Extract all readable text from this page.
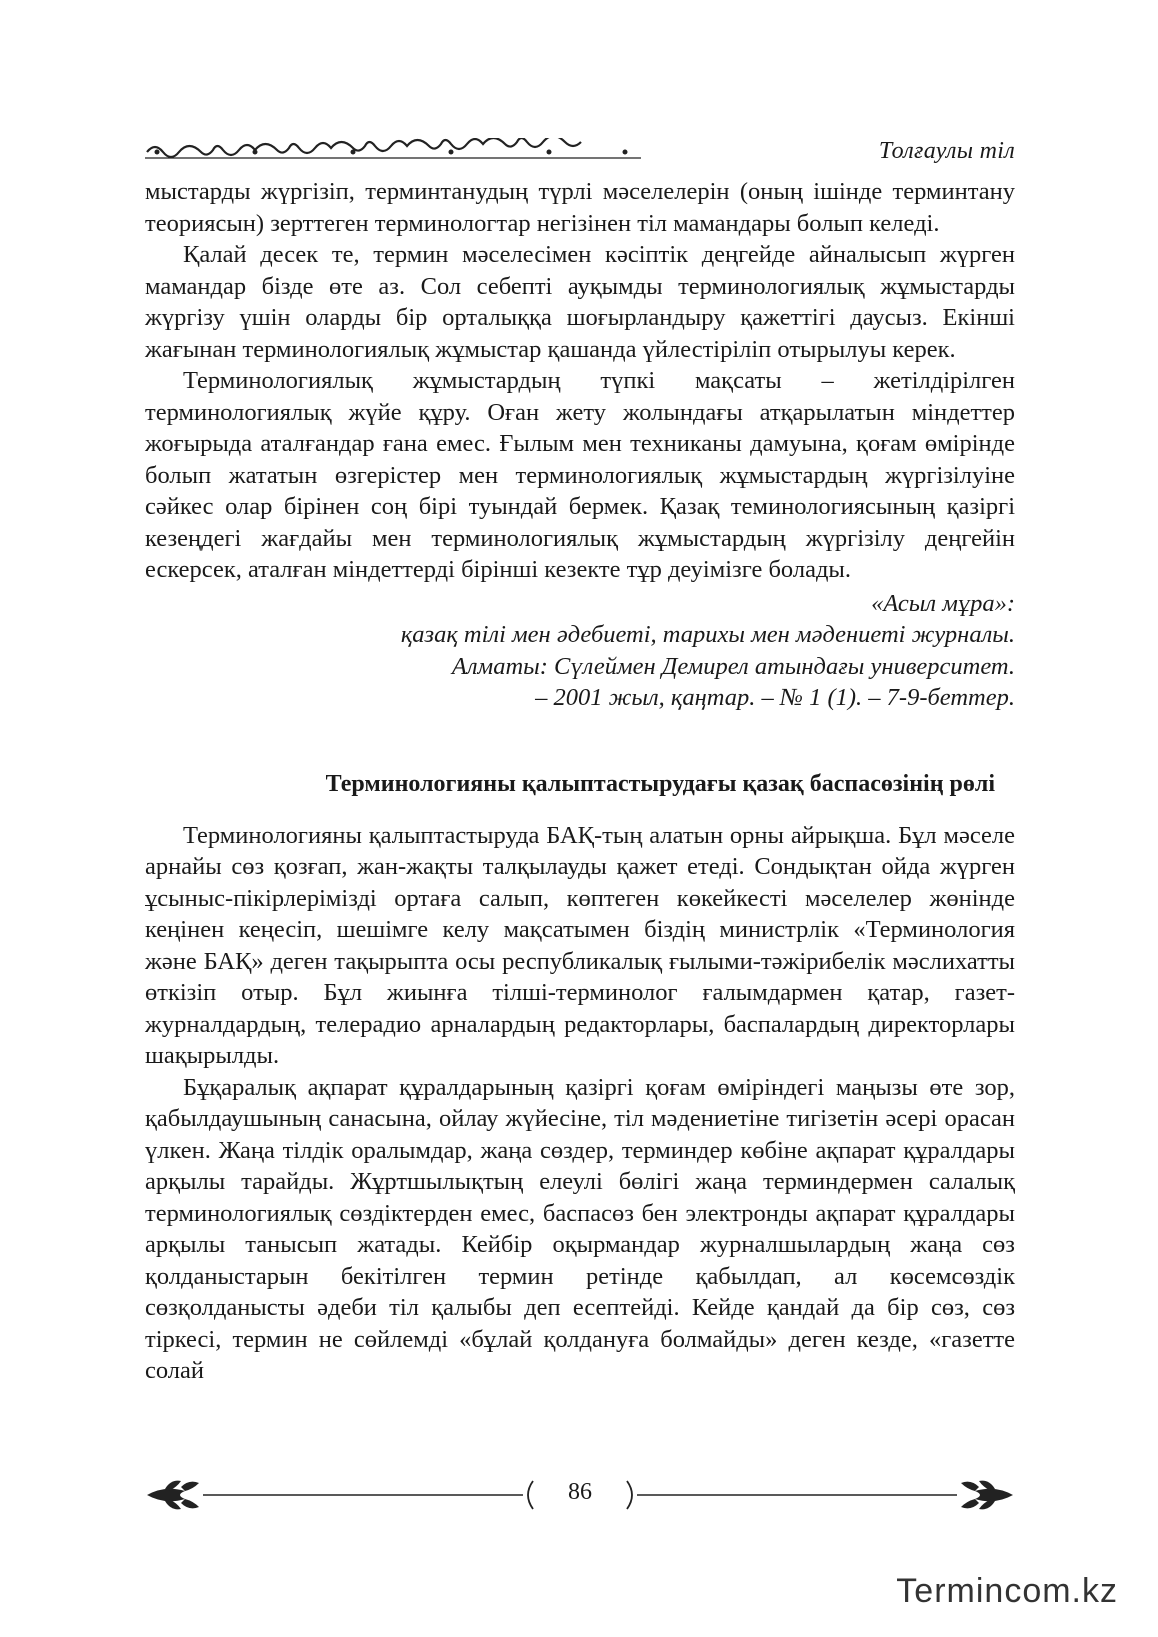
Толғаулы тіл

мыстарды жүргізіп, терминтанудың түрлі мәселелерін (оның ішінде терминтану теориясын) зерттеген терминологтар негізінен тіл мамандары болып келеді.

Қалай десек те, термин мәселесімен кәсіптік деңгейде айналысып жүрген мамандар бізде өте аз. Сол себепті ауқымды терминологиялық жұмыстарды жүргізу үшін оларды бір орталыққа шоғырландыру қажеттігі даусыз. Екінші жағынан терминологиялық жұмыстар қашанда үйлестіріліп отырылуы керек.

Терминологиялық жұмыстардың түпкі мақсаты – жетілдірілген терминологиялық жүйе құру. Оған жету жолындағы атқарылатын міндеттер жоғырыда аталғандар ғана емес. Ғылым мен техниканы дамуына, қоғам өмірінде болып жататын өзгерістер мен терминологиялық жұмыстардың жүргізілуіне сәйкес олар бірінен соң бірі туындай бермек. Қазақ теминологиясының қазіргі кезеңдегі жағдайы мен терминологиялық жұмыстардың жүргізілу деңгейін ескерсек, аталған міндеттерді бірінші кезекте тұр деуімізге болады.

«Асыл мұра»:
қазақ тілі мен әдебиеті, тарихы мен мәдениеті журналы.
Алматы: Сүлеймен Демирел атындағы университет.
– 2001 жыл, қаңтар. – № 1 (1). – 7-9-беттер.
Терминологияны қалыптастырудағы қазақ баспасөзінің рөлі

Терминологияны қалыптастыруда БАҚ-тың алатын орны айрықша. Бұл мәселе арнайы сөз қозғап, жан-жақты талқылауды қажет етеді. Сондықтан ойда жүрген ұсыныс-пікірлерімізді ортаға салып, көптеген көкейкесті мәселелер жөнінде кеңінен кеңесіп, шешімге келу мақсатымен біздің министрлік «Терминология және БАҚ» деген тақырыпта осы республикалық ғылыми-тәжірибелік мәслихатты өткізіп отыр. Бұл жиынға тілші-терминолог ғалымдармен қатар, газет-журналдардың, телерадио арналардың редакторлары, баспалардың директорлары шақырылды.

Бұқаралық ақпарат құралдарының қазіргі қоғам өміріндегі маңызы өте зор, қабылдаушының санасына, ойлау жүйесіне, тіл мәдениетіне тигізетін әсері орасан үлкен. Жаңа тілдік оралымдар, жаңа сөздер, терминдер көбіне ақпарат құралдары арқылы тарайды. Жұртшылықтың елеулі бөлігі жаңа терминдермен салалық терминологиялық сөздіктерден емес, баспасөз бен электронды ақпарат құралдары арқылы танысып жатады. Кейбір оқырмандар журналшылардың жаңа сөз қолданыстарын бекітілген термин ретінде қабылдап, ал көсемсөздік сөзқолданысты әдеби тіл қалыбы деп есептейді. Кейде қандай да бір сөз, сөз тіркесі, термин не сөйлемді «бұлай қолдануға болмайды» деген кезде, «газетте солай

86
Termincom.kz
